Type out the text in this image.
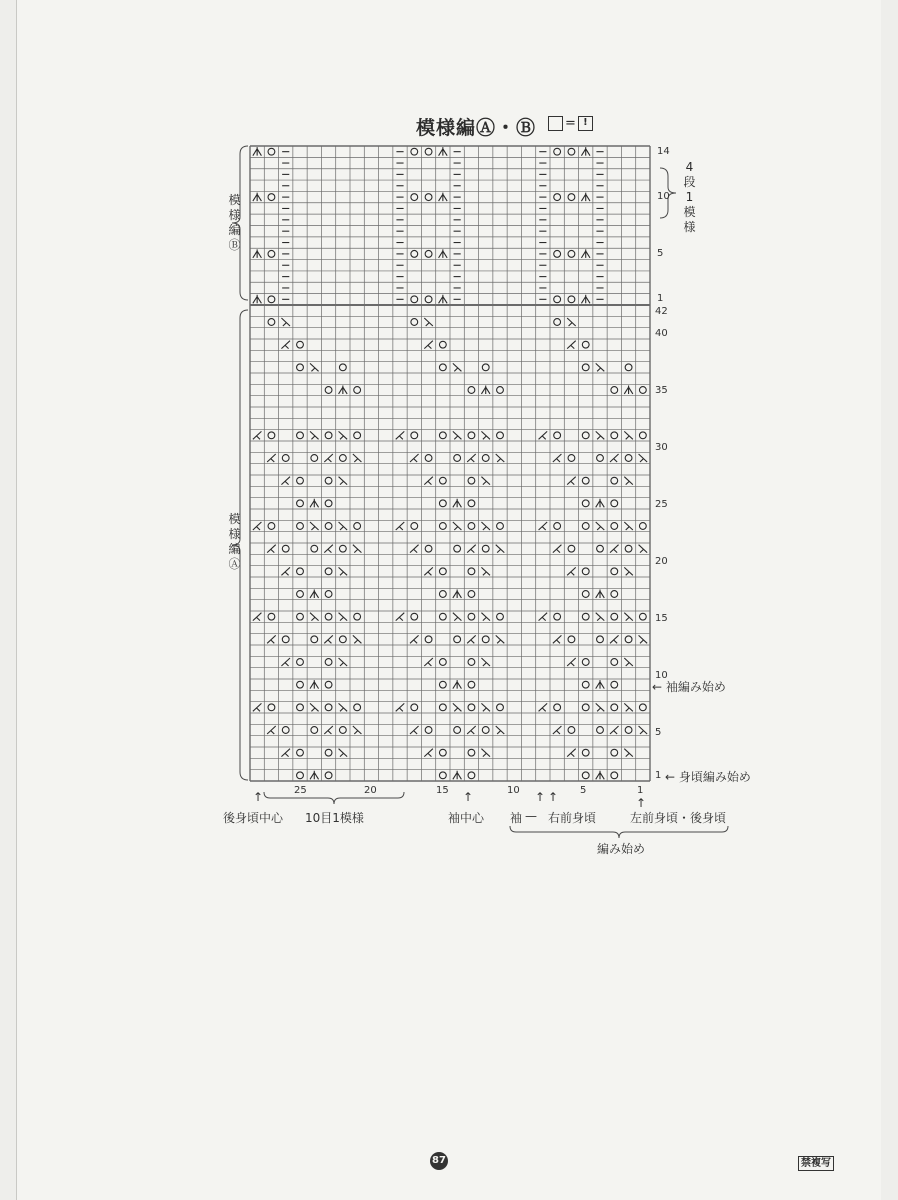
模様編Ⓐ・Ⓑ = !
14
10
5
1
42
40
35
30
25
20
15
10
5
1
25	20	15	10	5	1
模様編Ⓑ
模様編Ⓐ
4段1模様
← 袖編み始め
← 身頃編み始め
↑	↑	↑ ↑	↑
後身頃中心 10目1模様	袖中心 袖 — 右前身頃	左前身頃・後身頃
編み始め
87	禁複写
